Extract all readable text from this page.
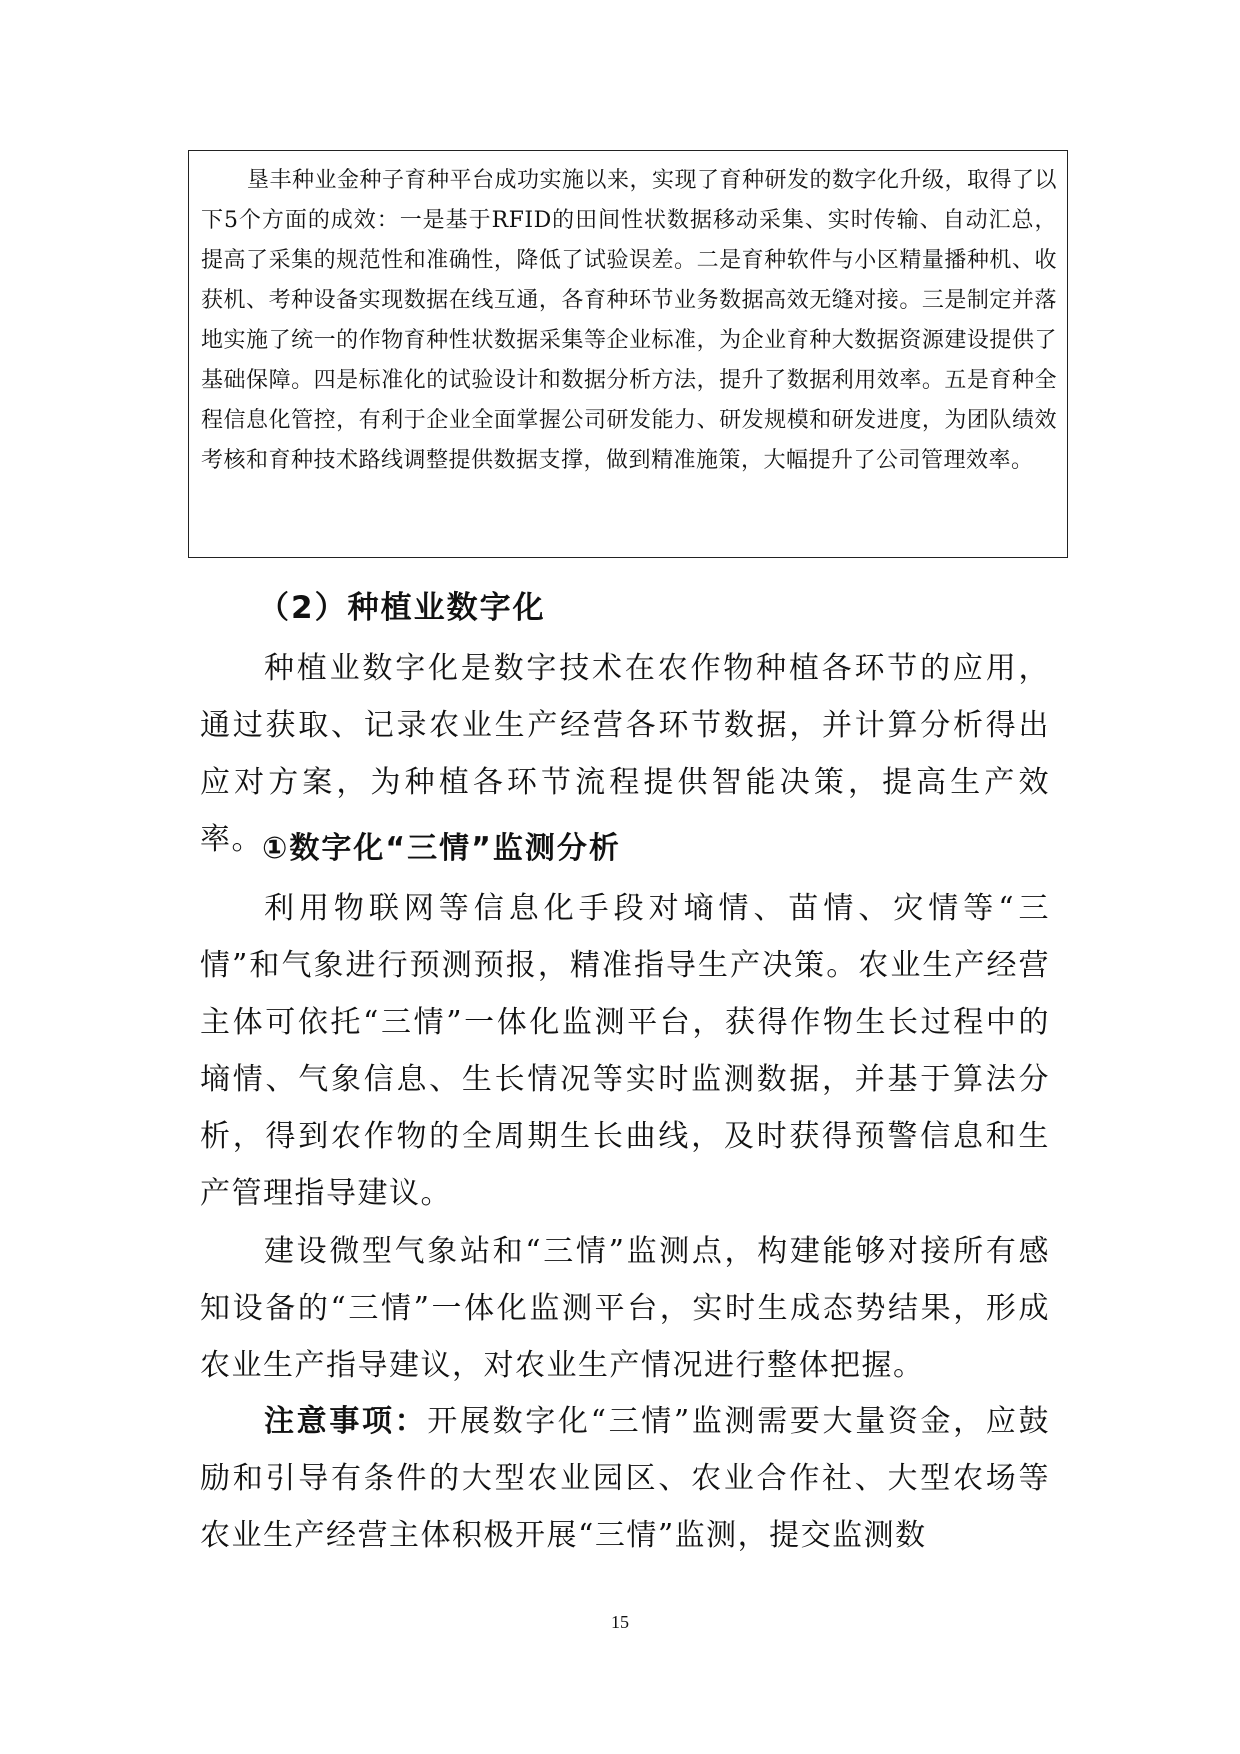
垦丰种业金种子育种平台成功实施以来，实现了育种研发的数字化升级，取得了以下5个方面的成效：一是基于RFID的田间性状数据移动采集、实时传输、自动汇总，提高了采集的规范性和准确性，降低了试验误差。二是育种软件与小区精量播种机、收获机、考种设备实现数据在线互通，各育种环节业务数据高效无缝对接。三是制定并落地实施了统一的作物育种性状数据采集等企业标准，为企业育种大数据资源建设提供了基础保障。四是标准化的试验设计和数据分析方法，提升了数据利用效率。五是育种全程信息化管控，有利于企业全面掌握公司研发能力、研发规模和研发进度，为团队绩效考核和育种技术路线调整提供数据支撑，做到精准施策，大幅提升了公司管理效率。

（2）种植业数字化

种植业数字化是数字技术在农作物种植各环节的应用，通过获取、记录农业生产经营各环节数据，并计算分析得出应对方案，为种植各环节流程提供智能决策，提高生产效率。 ①数字化“三情”监测分析

利用物联网等信息化手段对墒情、苗情、灾情等“三情”和气象进行预测预报，精准指导生产决策。农业生产经营主体可依托“三情”一体化监测平台，获得作物生长过程中的墒情、气象信息、生长情况等实时监测数据，并基于算法分析，得到农作物的全周期生长曲线，及时获得预警信息和生产管理指导建议。

建设微型气象站和“三情”监测点，构建能够对接所有感知设备的“三情”一体化监测平台，实时生成态势结果，形成农业生产指导建议，对农业生产情况进行整体把握。

注意事项：开展数字化“三情”监测需要大量资金，应鼓励和引导有条件的大型农业园区、农业合作社、大型农场等农业生产经营主体积极开展“三情”监测，提交监测数

15
